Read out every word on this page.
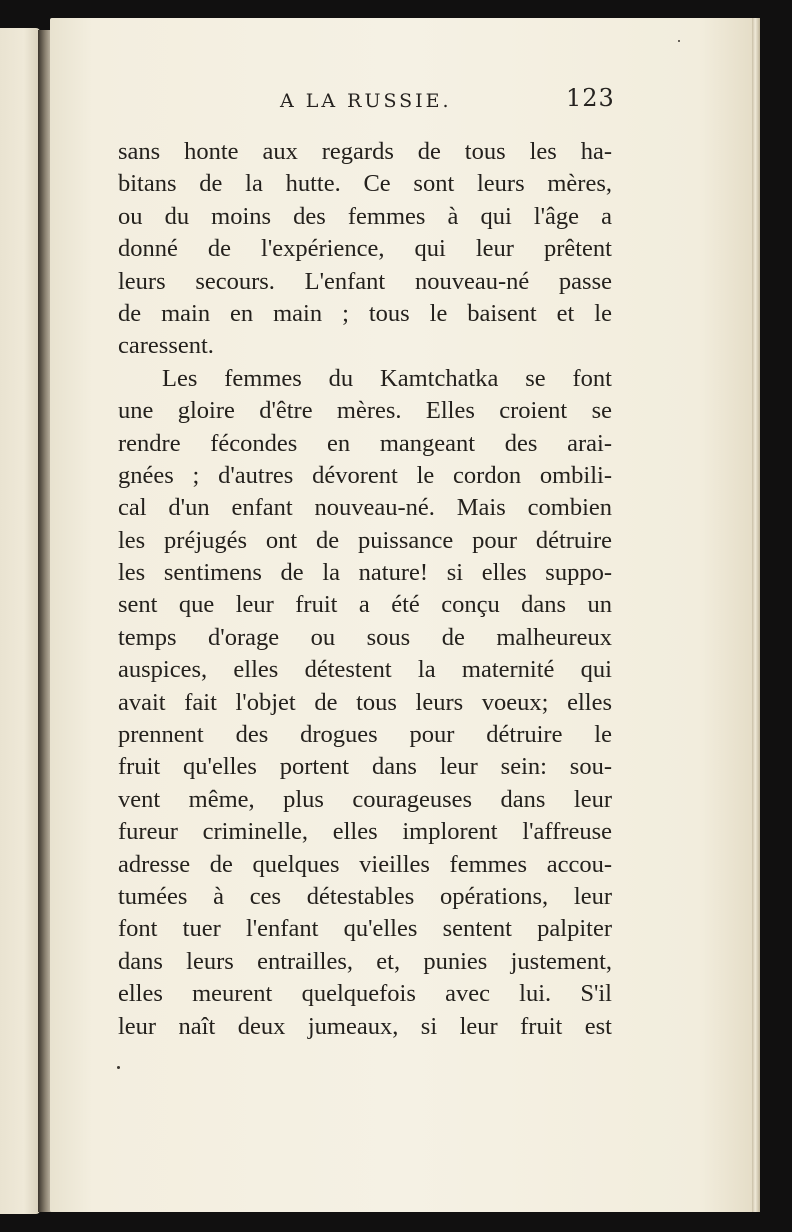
A LA RUSSIE.	123
sans honte aux regards de tous les ha-
bitans de la hutte. Ce sont leurs mères,
ou du moins des femmes à qui l'âge a
donné de l'expérience, qui leur prêtent
leurs secours. L'enfant nouveau-né passe
de main en main ; tous le baisent et le
caressent.
Les femmes du Kamtchatka se font
une gloire d'être mères. Elles croient se
rendre fécondes en mangeant des arai-
gnées ; d'autres dévorent le cordon ombili-
cal d'un enfant nouveau-né. Mais combien
les préjugés ont de puissance pour détruire
les sentimens de la nature! si elles suppo-
sent que leur fruit a été conçu dans un
temps d'orage ou sous de malheureux
auspices, elles détestent la maternité qui
avait fait l'objet de tous leurs voeux; elles
prennent des drogues pour détruire le
fruit qu'elles portent dans leur sein: sou-
vent même, plus courageuses dans leur
fureur criminelle, elles implorent l'affreuse
adresse de quelques vieilles femmes accou-
tumées à ces détestables opérations, leur
font tuer l'enfant qu'elles sentent palpiter
dans leurs entrailles, et, punies justement,
elles meurent quelquefois avec lui. S'il
leur naît deux jumeaux, si leur fruit est
